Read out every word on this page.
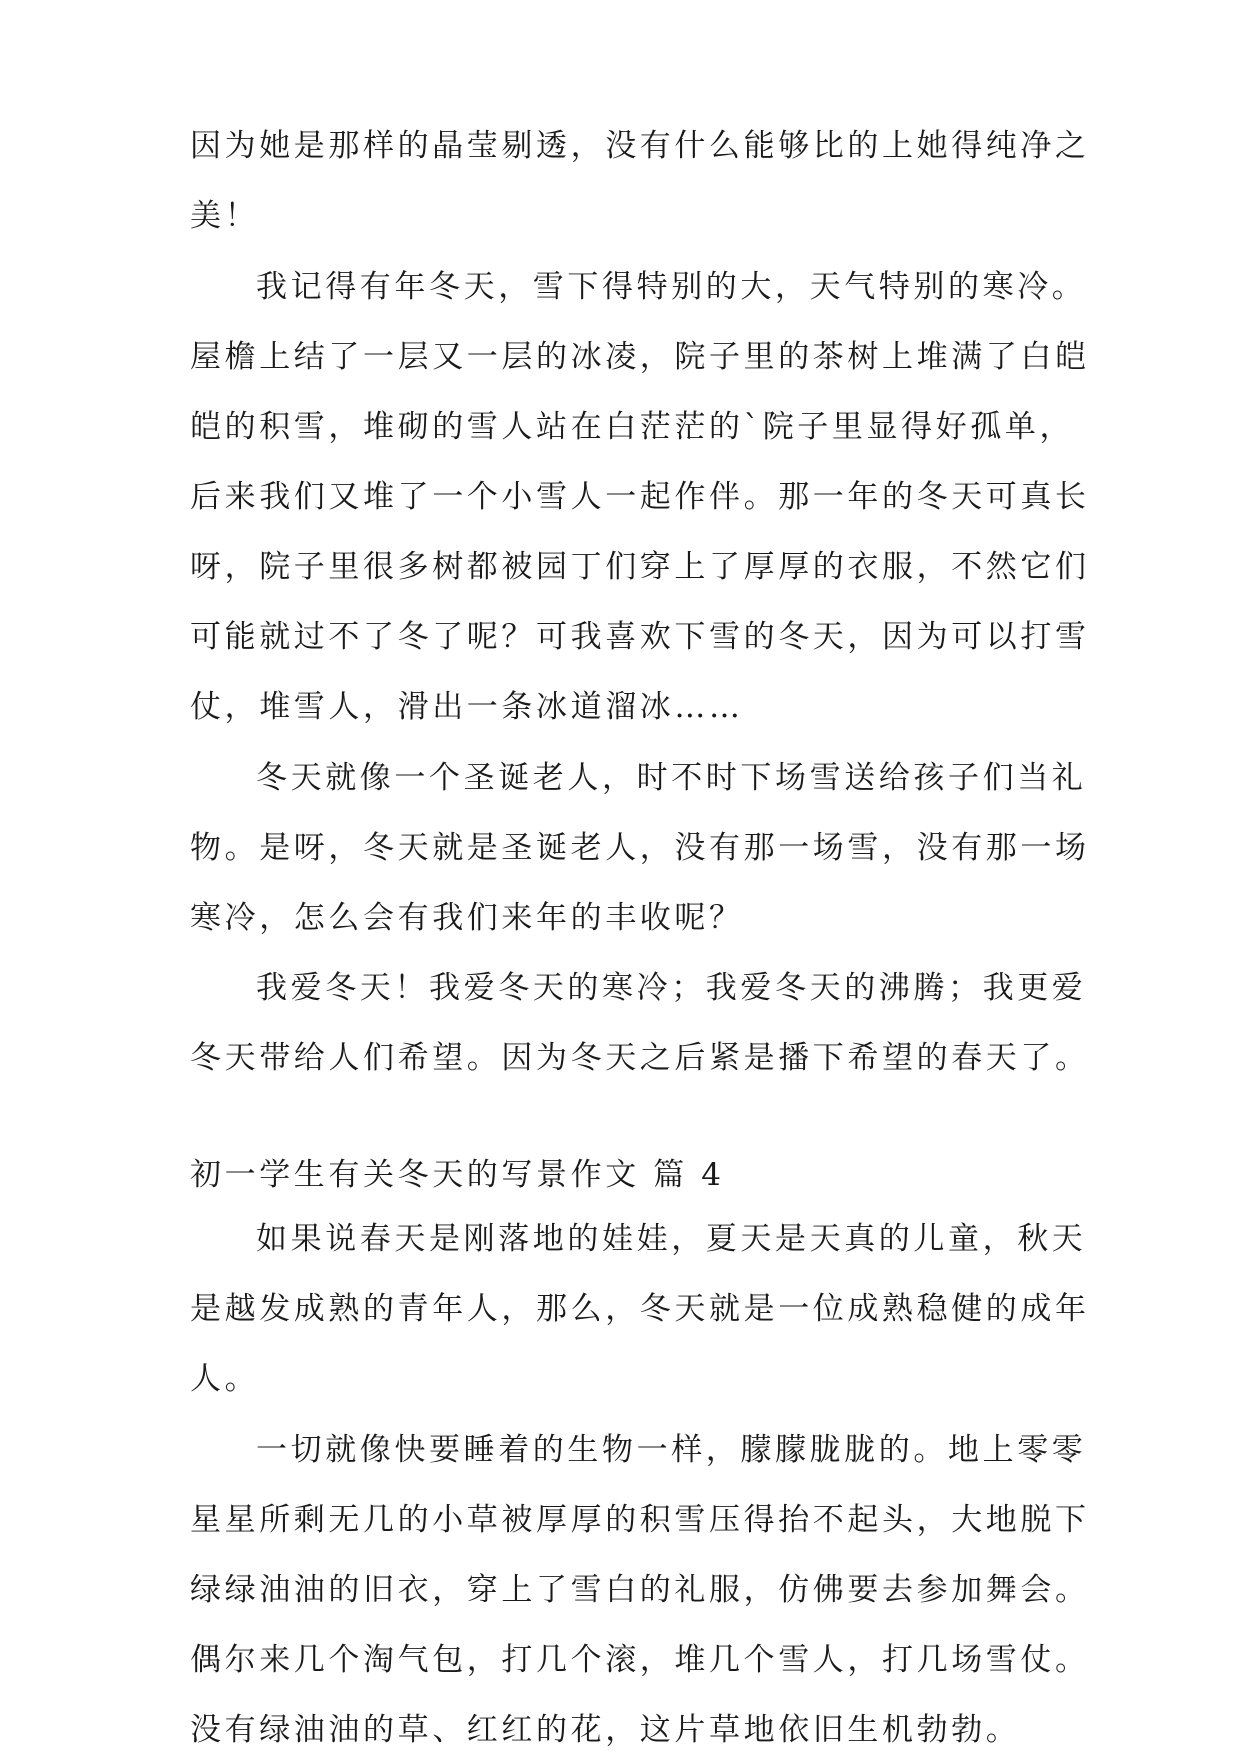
因为她是那样的晶莹剔透，没有什么能够比的上她得纯净之
美！
我记得有年冬天，雪下得特别的大，天气特别的寒冷。
屋檐上结了一层又一层的冰凌，院子里的茶树上堆满了白皑
皑的积雪，堆砌的雪人站在白茫茫的`院子里显得好孤单，
后来我们又堆了一个小雪人一起作伴。那一年的冬天可真长
呀，院子里很多树都被园丁们穿上了厚厚的衣服，不然它们
可能就过不了冬了呢？可我喜欢下雪的冬天，因为可以打雪
仗，堆雪人，滑出一条冰道溜冰……
冬天就像一个圣诞老人，时不时下场雪送给孩子们当礼
物。是呀，冬天就是圣诞老人，没有那一场雪，没有那一场
寒冷，怎么会有我们来年的丰收呢？
我爱冬天！我爱冬天的寒冷；我爱冬天的沸腾；我更爱
冬天带给人们希望。因为冬天之后紧是播下希望的春天了。
初一学生有关冬天的写景作文 篇 4
如果说春天是刚落地的娃娃，夏天是天真的儿童，秋天
是越发成熟的青年人，那么，冬天就是一位成熟稳健的成年
人。
一切就像快要睡着的生物一样，朦朦胧胧的。地上零零
星星所剩无几的小草被厚厚的积雪压得抬不起头，大地脱下
绿绿油油的旧衣，穿上了雪白的礼服，仿佛要去参加舞会。
偶尔来几个淘气包，打几个滚，堆几个雪人，打几场雪仗。
没有绿油油的草、红红的花，这片草地依旧生机勃勃。
